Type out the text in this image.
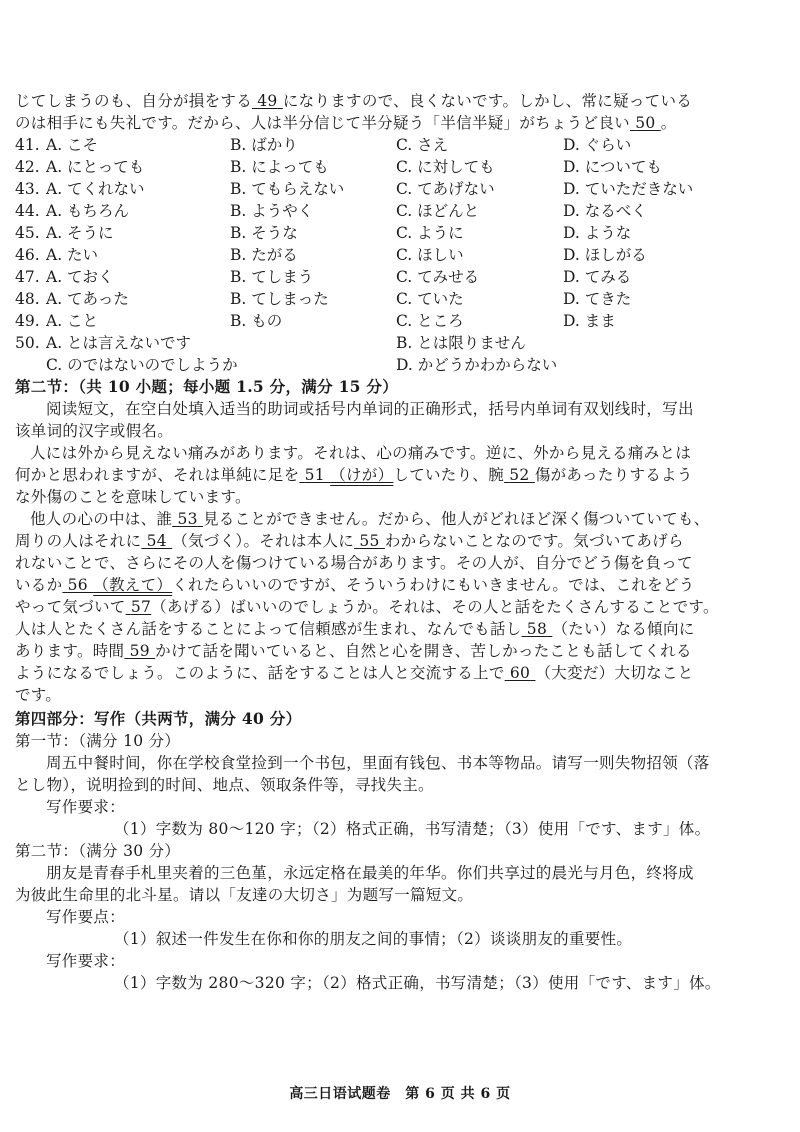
じてしまうのも、自分が損をする 49 になりますので、良くないです。しかし、常に疑っている
のは相手にも失礼です。だから、人は半分信じて半分疑う「半信半疑」がちょうど良い 50 。
41. A. こそ	B. ばかり	C. さえ	D. ぐらい
42. A. にとっても	B. によっても	C. に対しても	D. についても
43. A. てくれない	B. てもらえない	C. てあげない	D. ていただきない
44. A. もちろん	B. ようやく	C. ほどんと	D. なるべく
45. A. そうに	B. そうな	C. ように	D. ような
46. A. たい	B. たがる	C. ほしい	D. ほしがる
47. A. ておく	B. てしまう	C. てみせる	D. てみる
48. A. てあった	B. てしまった	C. ていた	D. てきた
49. A. こと	B. もの	C. ところ	D. まま
50. A. とは言えないです	B. とは限りません
C. のではないのでしようか	D. かどうかわからない
第二节：（共 10 小题；每小题 1.5 分，满分 15 分）
阅读短文，在空白处填入适当的助词或括号内单词的正确形式，括号内单词有双划线时，写出
该单词的汉字或假名。
人には外から見えない痛みがあります。それは、心の痛みです。逆に、外から見える痛みとは
何かと思われますが、それは単純に足を 51 （けが）していたり、腕 52 傷があったりするよう
な外傷のことを意味しています。
他人の心の中は、誰 53 見ることができません。だから、他人がどれほど深く傷ついていても、
周りの人はそれに 54 （気づく）。それは本人に 55 わからないことなのです。気づいてあげら
れないことで、さらにその人を傷つけている場合があります。その人が、自分でどう傷を負って
いるか 56 （教えて）くれたらいいのですが、そういうわけにもいきません。では、これをどう
やって気づいて 57（あげる）ばいいのでしょうか。それは、その人と話をたくさんすることです。
人は人とたくさん話をすることによって信頼感が生まれ、なんでも話し 58 （たい）なる傾向に
あります。時間 59 かけて話を聞いていると、自然と心を開き、苦しかったことも話してくれる
ようになるでしょう。このように、話をすることは人と交流する上で 60 （大変だ）大切なこと
です。
第四部分：写作（共两节，满分 40 分）
第一节：（满分 10 分）
周五中餐时间，你在学校食堂捡到一个书包，里面有钱包、书本等物品。请写一则失物招领（落
とし物），说明捡到的时间、地点、领取条件等，寻找失主。
写作要求：
（1）字数为 80～120 字；（2）格式正确，书写清楚；（3）使用「です、ます」体。
第二节：（满分 30 分）
朋友是青春手札里夹着的三色堇，永远定格在最美的年华。你们共享过的晨光与月色，终将成
为彼此生命里的北斗星。请以「友達の大切さ」为题写一篇短文。
写作要点：
（1）叙述一件发生在你和你的朋友之间的事情；（2）谈谈朋友的重要性。
写作要求：
（1）字数为 280～320 字；（2）格式正确，书写清楚；（3）使用「です、ます」体。
高三日语试题卷　第 6 页 共 6 页
